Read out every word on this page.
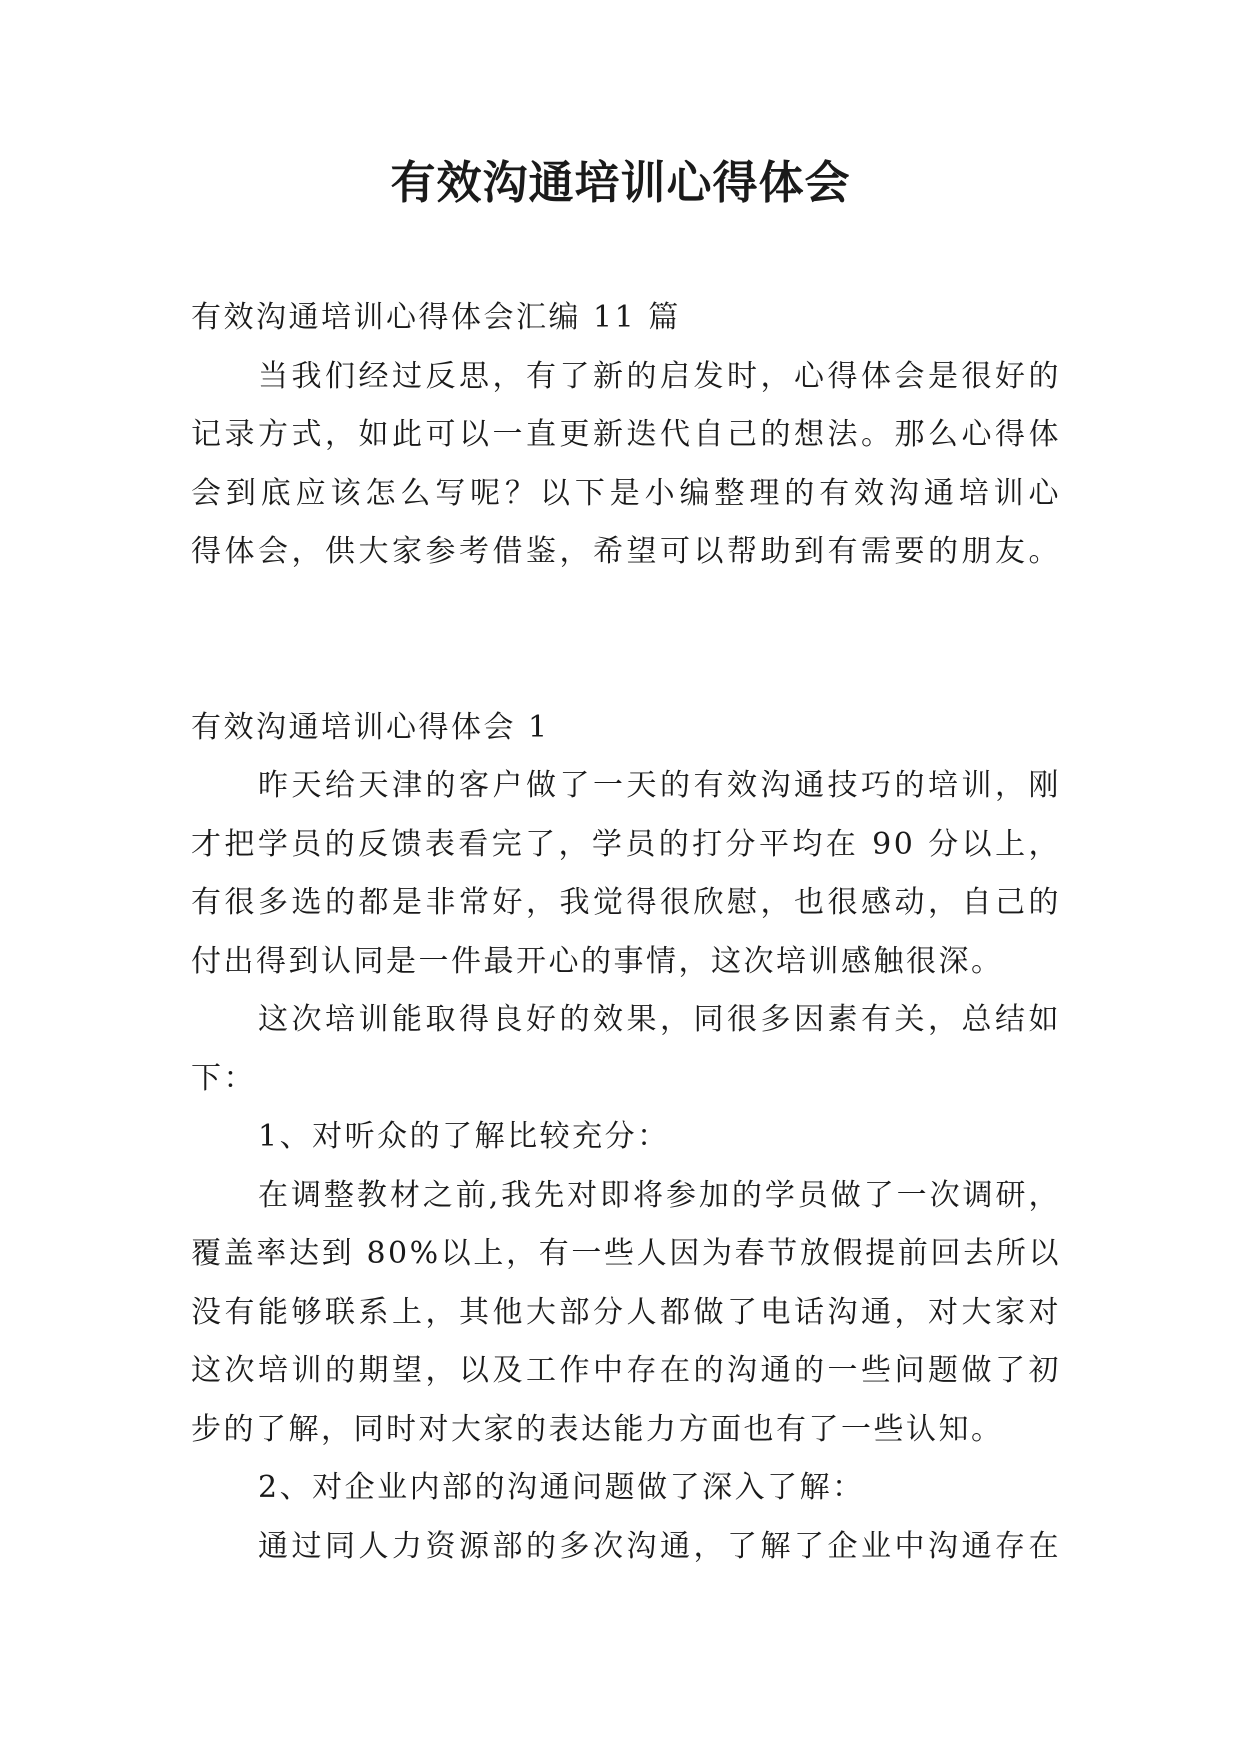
有效沟通培训心得体会
有效沟通培训心得体会汇编 11 篇
当我们经过反思，有了新的启发时，心得体会是很好的
记录方式，如此可以一直更新迭代自己的想法。那么心得体
会到底应该怎么写呢？以下是小编整理的有效沟通培训心
得体会，供大家参考借鉴，希望可以帮助到有需要的朋友。
有效沟通培训心得体会 1
昨天给天津的客户做了一天的有效沟通技巧的培训，刚
才把学员的反馈表看完了，学员的打分平均在 90 分以上，
有很多选的都是非常好，我觉得很欣慰，也很感动，自己的
付出得到认同是一件最开心的事情，这次培训感触很深。
这次培训能取得良好的效果，同很多因素有关，总结如
下：
1、对听众的了解比较充分：
在调整教材之前,我先对即将参加的学员做了一次调研，
覆盖率达到 80%以上，有一些人因为春节放假提前回去所以
没有能够联系上，其他大部分人都做了电话沟通，对大家对
这次培训的期望，以及工作中存在的沟通的一些问题做了初
步的了解，同时对大家的表达能力方面也有了一些认知。
2、对企业内部的沟通问题做了深入了解：
通过同人力资源部的多次沟通，了解了企业中沟通存在
